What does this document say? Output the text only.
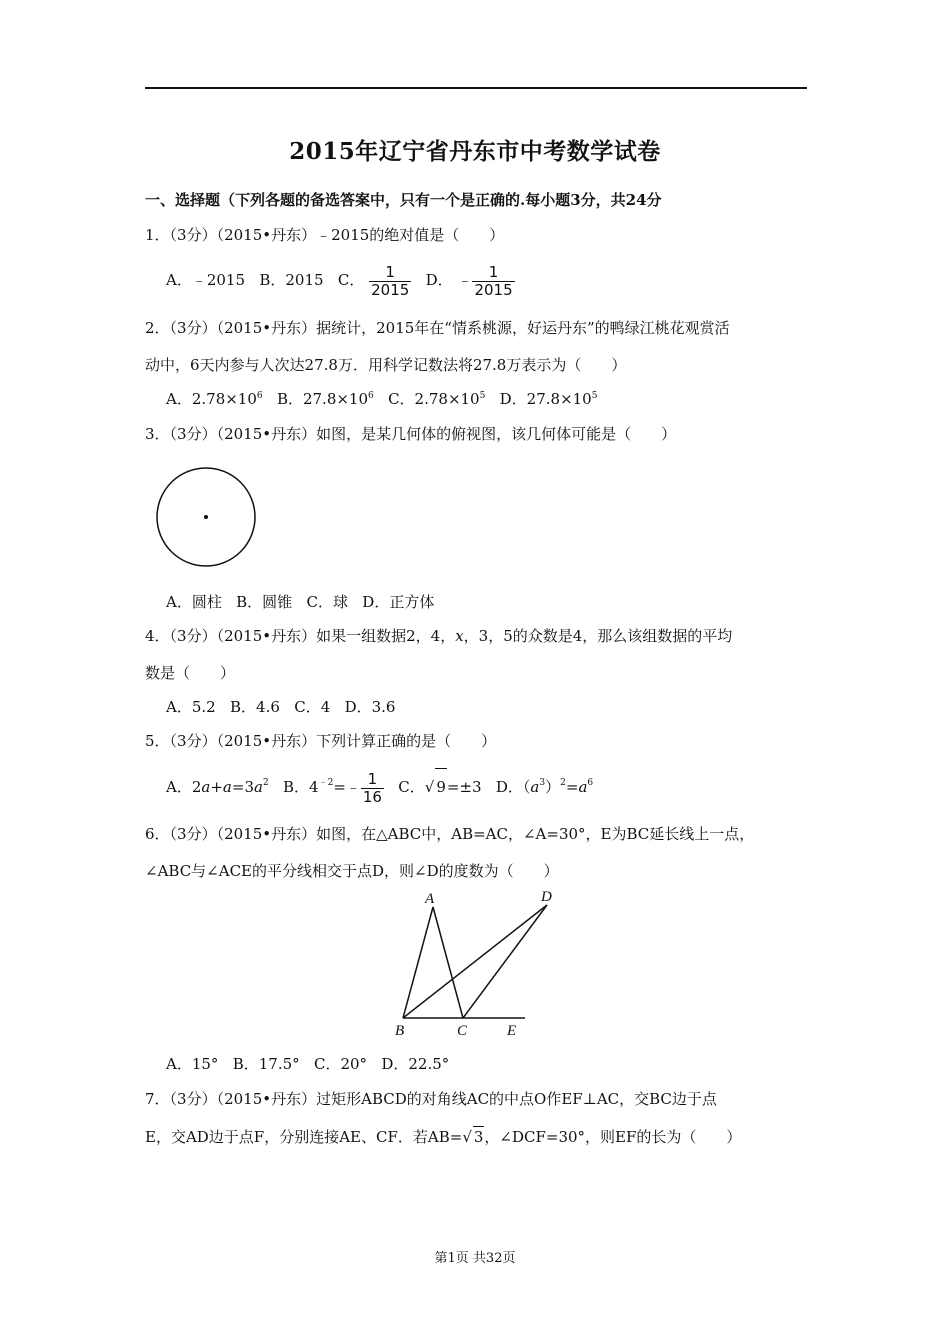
2015年辽宁省丹东市中考数学试卷
一、选择题（下列各题的备选答案中，只有一个是正确的.每小题3分，共24分
1．（3分）（2015•丹东）﹣2015的绝对值是（　　）
A．﹣2015 B．2015 C． $\frac{1}{2015}$ D． ﹣ $\frac{1}{2015}$
2．（3分）（2015•丹东）据统计，2015年在“情系桃源，好运丹东”的鸭绿江桃花观赏活
动中，6天内参与人次达27.8万．用科学记数法将27.8万表示为（　　）
A．$2.78\times 10^6$ B．$27.8\times 10^6$ C．$2.78\times 10^5$ D．$27.8\times 10^5$
3．（3分）（2015•丹东）如图，是某几何体的俯视图，该几何体可能是（　　）
A．圆柱 B．圆锥 C．球 D．正方体
4．（3分）（2015•丹东）如果一组数据2，4，x，3，5的众数是4，那么该组数据的平均
数是（　　）
A．5.2 B．4.6 C．4 D．3.6
5．（3分）（2015•丹东）下列计算正确的是（　　）
A．$2a+a=3a^2$ B．$4^{﹣2}=﹣ \frac{1}{16}$ C．√ 9=±3 D．$(a^3)^2=a^6$
6．（3分）（2015•丹东）如图，在△ABC中，AB=AC，∠A=30°，E为BC延长线上一点，
∠ABC与∠ACE的平分线相交于点D，则∠D的度数为（　　）
A	D
B	C	E
A．15° B．17.5° C．20° D．22.5°
7．（3分）（2015•丹东）过矩形ABCD的对角线AC的中点O作EF⊥AC，交BC边于点
E，交AD边于点F，分别连接AE、CF．若AB=√ 3，∠DCF=30°，则EF的长为（　　）
第1页 共32页
